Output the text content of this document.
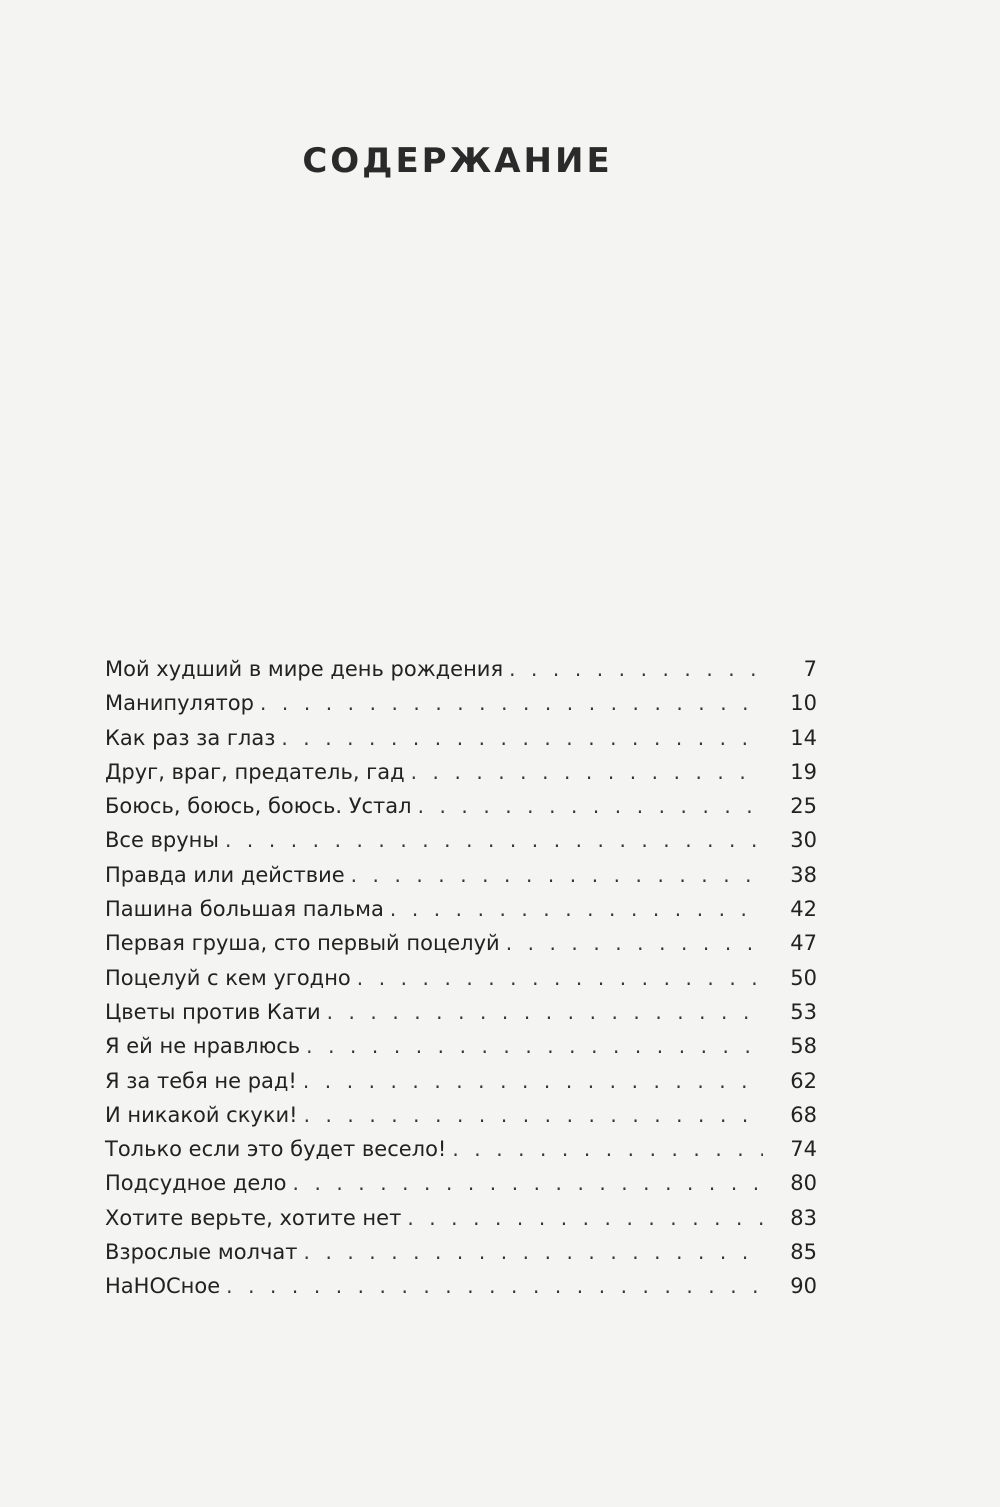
СОДЕРЖАНИЕ
Мой худший в мире день рождения . . .	7
Манипулятор . . .	10
Как раз за глаз . . .	14
Друг, враг, предатель, гад . . .	19
Боюсь, боюсь, боюсь. Устал . . .	25
Все вруны . . .	30
Правда или действие . . .	38
Пашина большая пальма . . .	42
Первая груша, сто первый поцелуй . . .	47
Поцелуй с кем угодно . . .	50
Цветы против Кати . . .	53
Я ей не нравлюсь . . .	58
Я за тебя не рад! . . .	62
И никакой скуки! . . .	68
Только если это будет весело! . . .	74
Подсудное дело . . .	80
Хотите верьте, хотите нет . . .	83
Взрослые молчат . . .	85
НаНОСное . . .	90
